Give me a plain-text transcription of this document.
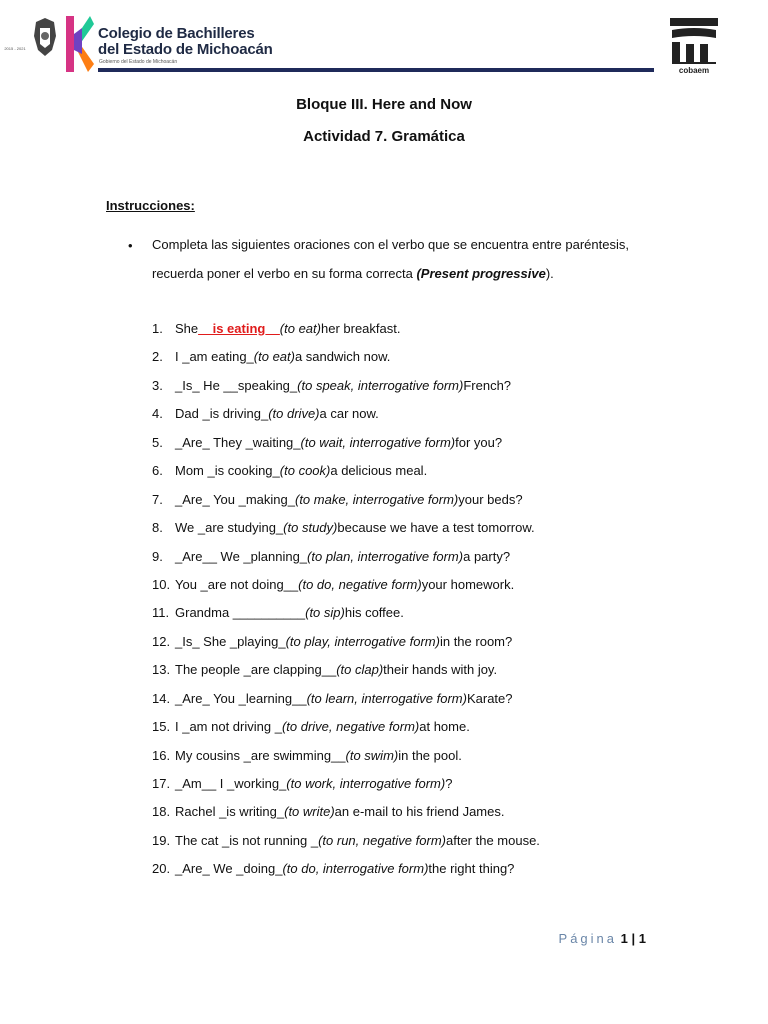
2015 - 2021
Colegio de Bachilleres
del Estado de Michoacán
Gobierno del Estado de Michoacán
cobaem
Bloque III. Here and Now
Actividad 7. Gramática
Instrucciones:
• Completa las siguientes oraciones con el verbo que se encuentra entre paréntesis,
recuerda poner el verbo en su forma correcta (Present progressive).
1. She __is eating__ (to eat) her breakfast.
2. I _am eating_ (to eat) a sandwich now.
3. _Is_ He __speaking_ (to speak, interrogative form) French?
4. Dad _is driving_ (to drive) a car now.
5. _Are_ They _waiting_ (to wait, interrogative form) for you?
6. Mom _is cooking_ (to cook) a delicious meal.
7. _Are_ You _making_ (to make, interrogative form) your beds?
8. We _are studying_ (to study) because we have a test tomorrow.
9. _Are__ We _planning_ (to plan, interrogative form) a party?
10. You _are not doing__ (to do, negative form) your homework.
11. Grandma __________ (to sip) his coffee.
12. _Is_ She _playing_ (to play, interrogative form) in the room?
13. The people _are clapping__ (to clap) their hands with joy.
14. _Are_ You _learning__ (to learn, interrogative form) Karate?
15. I _am not driving _ (to drive, negative form) at home.
16. My cousins _are swimming__ (to swim) in the pool.
17. _Am__ I _working_ (to work, interrogative form) ?
18. Rachel _is writing_ (to write) an e-mail to his friend James.
19. The cat _is not running _ (to run, negative form) after the mouse.
20. _Are_ We _doing_ (to do, interrogative form) the right thing?
Página 1 | 1
